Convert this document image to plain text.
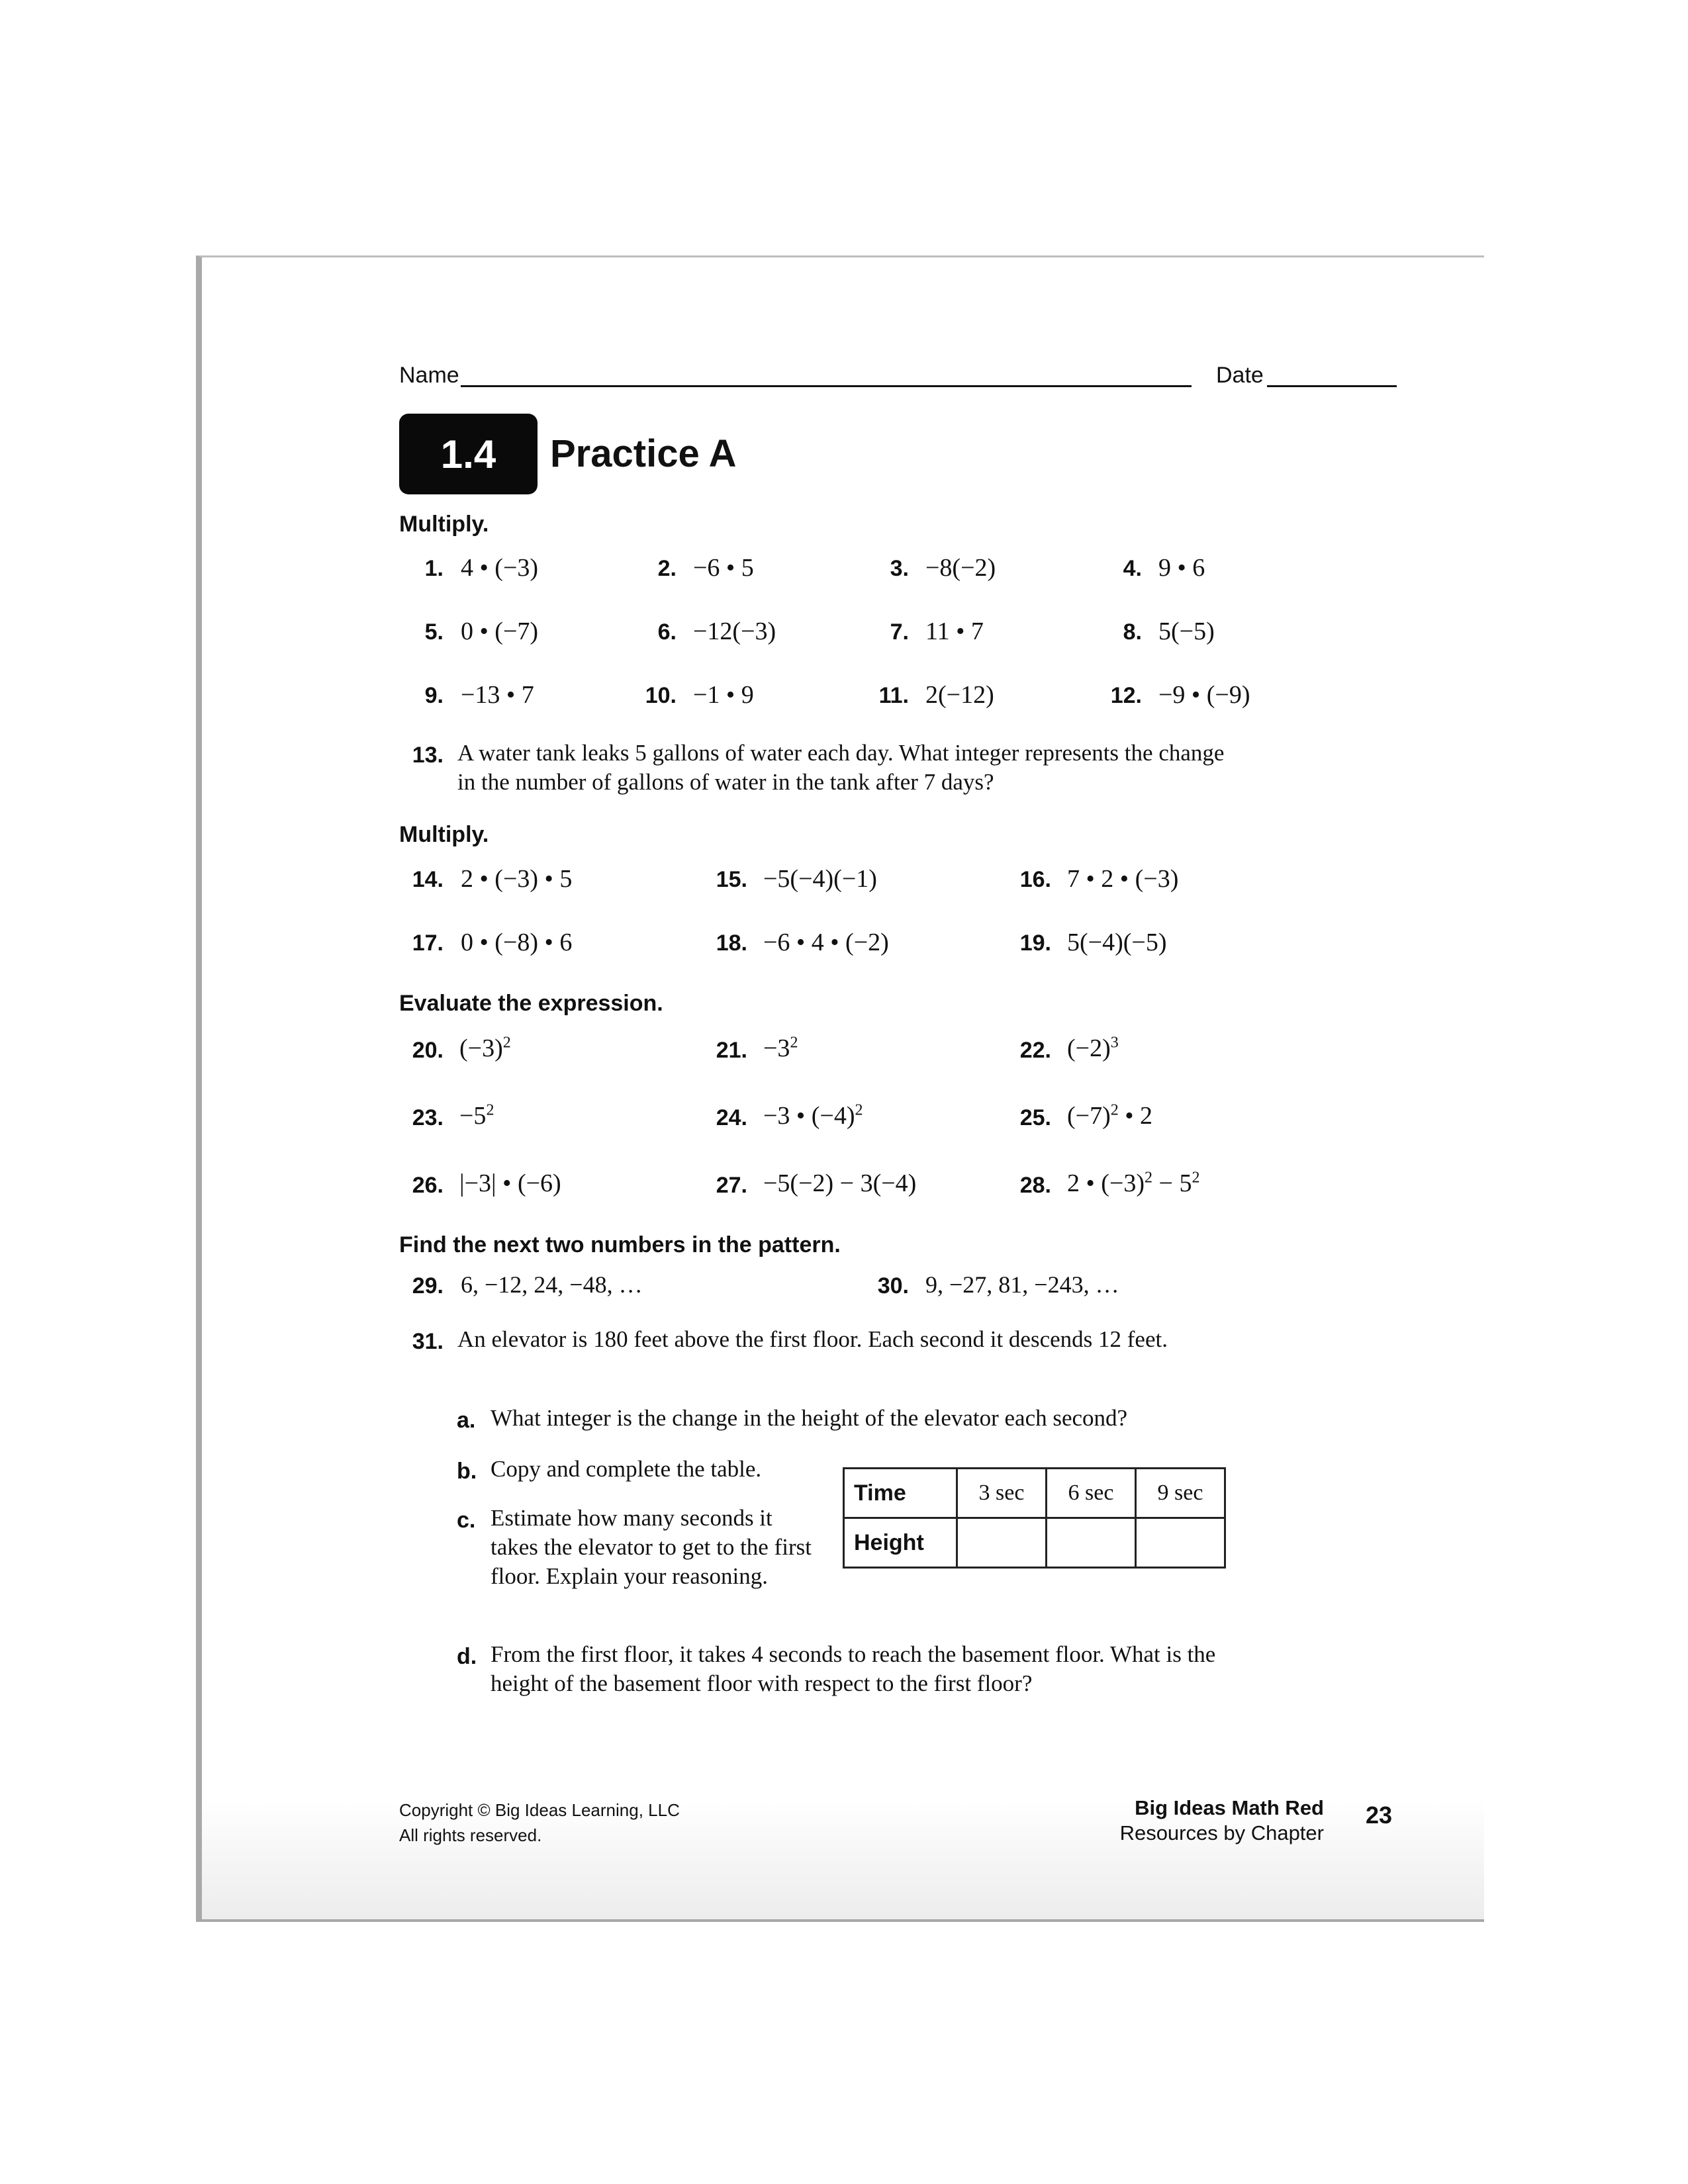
Name	Date
1.4	Practice A
Multiply.
1. 4 • (−3)	2. −6 • 5	3. −8(−2)	4. 9 • 6
5. 0 • (−7)	6. −12(−3)	7. 11 • 7	8. 5(−5)
9. −13 • 7	10. −1 • 9	11. 2(−12)	12. −9 • (−9)
13. A water tank leaks 5 gallons of water each day. What integer represents the change in the number of gallons of water in the tank after 7 days?
Multiply.
14. 2 • (−3) • 5	15. −5(−4)(−1)	16. 7 • 2 • (−3)
17. 0 • (−8) • 6	18. −6 • 4 • (−2)	19. 5(−4)(−5)
Evaluate the expression.
20. $(-3)^2$	21. $-3^2$	22. $(-2)^3$
23. $-5^2$	24. −3 • $(-4)^2$	25. $(-7)^2$ • 2
26. |−3| • (−6)	27. −5(−2) − 3(−4)	28. 2 • $(-3)^2 - 5^2$
Find the next two numbers in the pattern.
29. 6, −12, 24, −48, …	30. 9, −27, 81, −243, …
31. An elevator is 180 feet above the first floor. Each second it descends 12 feet.
a. What integer is the change in the height of the elevator each second?
b. Copy and complete the table.
c. Estimate how many seconds it takes the elevator to get to the first floor. Explain your reasoning.
Time	3 sec	6 sec	9 sec
Height			
d. From the first floor, it takes 4 seconds to reach the basement floor. What is the height of the basement floor with respect to the first floor?
Copyright © Big Ideas Learning, LLC
All rights reserved.
Big Ideas Math Red
Resources by Chapter
23
